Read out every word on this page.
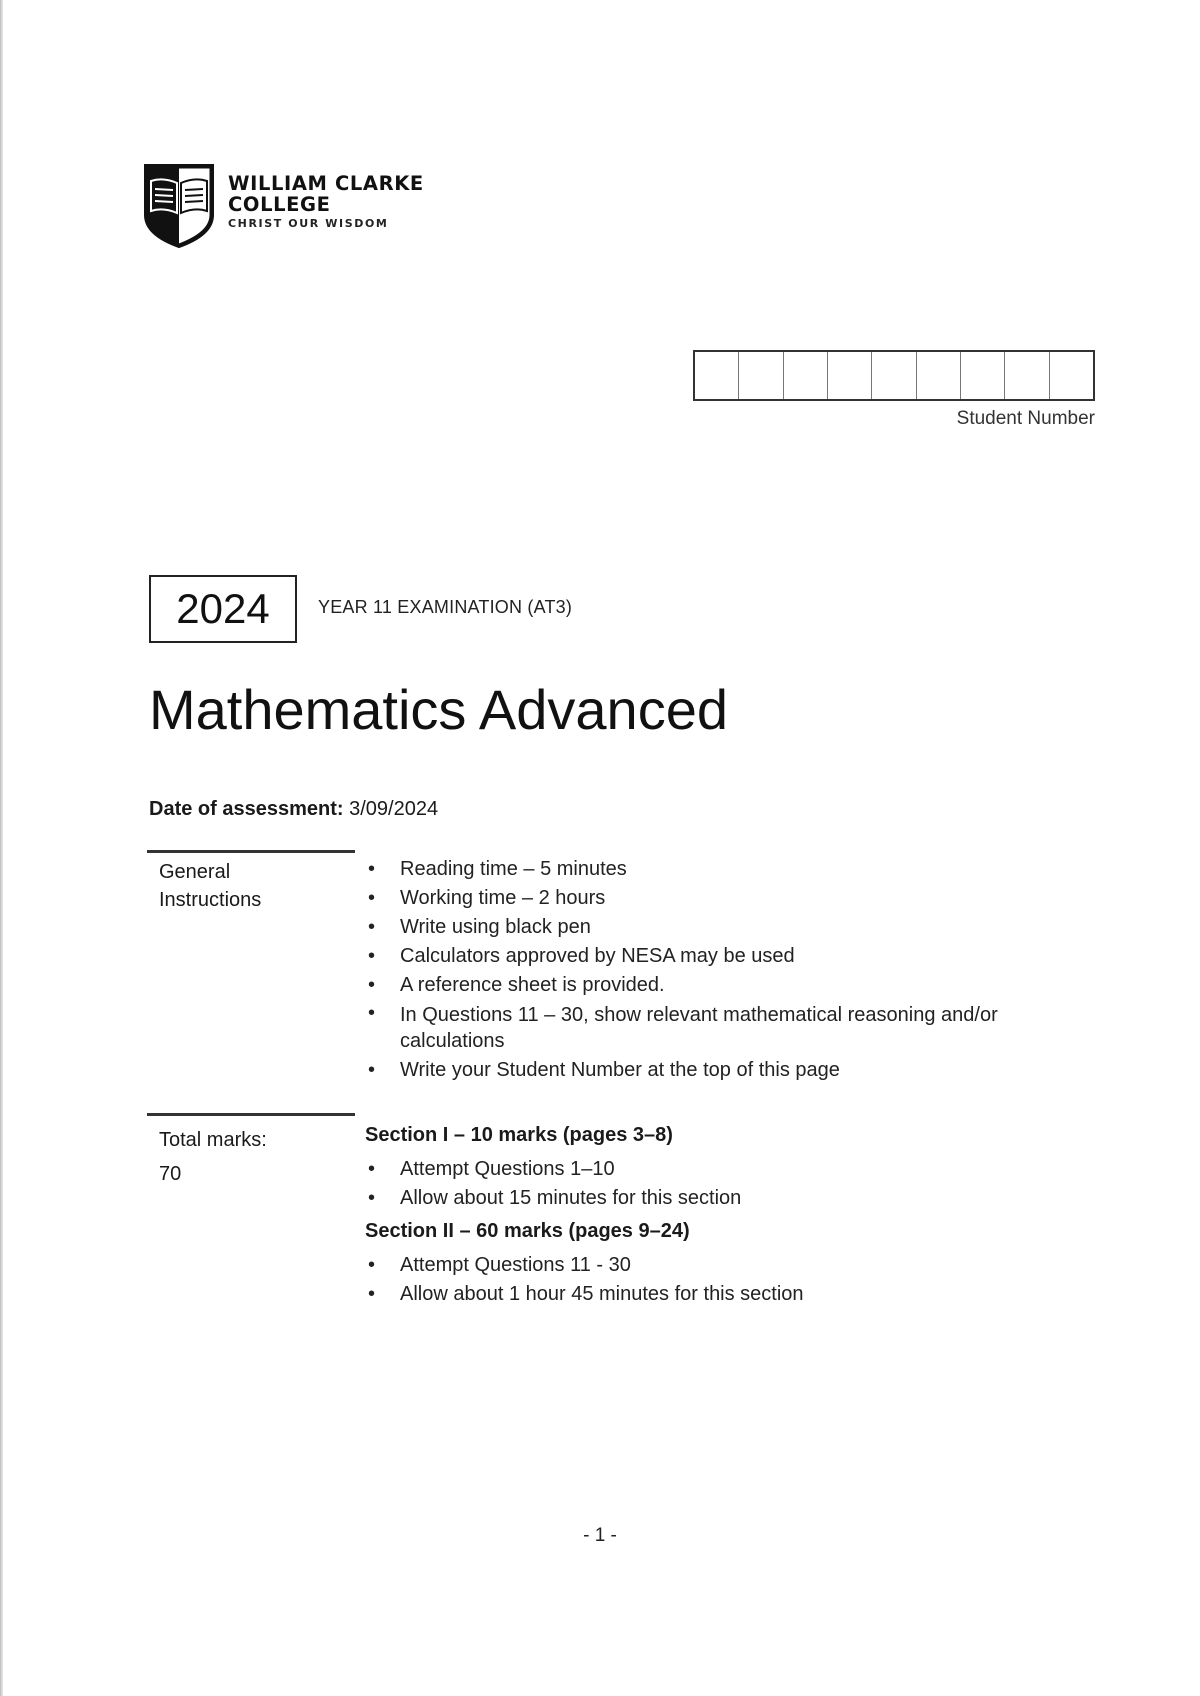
WILLIAM CLARKE
COLLEGE
CHRIST OUR WISDOM
Student Number
2024	YEAR 11 EXAMINATION (AT3)
Mathematics Advanced
Date of assessment: 3/09/2024
General
Instructions
•	Reading time – 5 minutes
•	Working time – 2 hours
•	Write using black pen
•	Calculators approved by NESA may be used
•	A reference sheet is provided.
•	In Questions 11 – 30, show relevant mathematical reasoning and/or calculations
•	Write your Student Number at the top of this page
Total marks:
70
Section I – 10 marks (pages 3–8)
•	Attempt Questions 1–10
•	Allow about 15 minutes for this section
Section II – 60 marks (pages 9–24)
•	Attempt Questions 11 - 30
•	Allow about 1 hour 45 minutes for this section
- 1 -
